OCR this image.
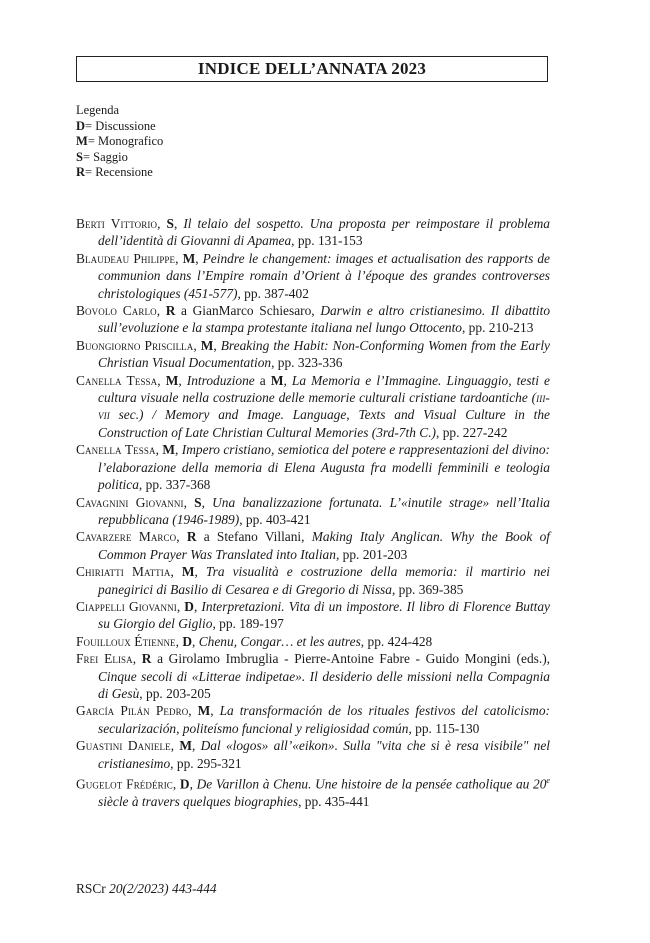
INDICE DELL’ANNATA 2023
Legenda
D= Discussione
M= Monografico
S= Saggio
R= Recensione

Berti Vittorio, S, Il telaio del sospetto. Una proposta per reimpostare il problema dell’identità di Giovanni di Apamea, pp. 131-153

Blaudeau Philippe, M, Peindre le changement: images et actualisation des rapports de communion dans l’Empire romain d’Orient à l’époque des grandes controverses christologiques (451-577), pp. 387-402

Bovolo Carlo, R a GianMarco Schiesaro, Darwin e altro cristianesimo. Il dibattito sull’evoluzione e la stampa protestante italiana nel lungo Ottocento, pp. 210-213

Buongiorno Priscilla, M, Breaking the Habit: Non-Conforming Women from the Early Christian Visual Documentation, pp. 323-336

Canella Tessa, M, Introduzione a M, La Memoria e l’Immagine. Linguaggio, testi e cultura visuale nella costruzione delle memorie culturali cristiane tardoantiche (iii-vii sec.) / Memory and Image. Language, Texts and Visual Culture in the Construction of Late Christian Cultural Memories (3rd-7th C.), pp. 227-242

Canella Tessa, M, Impero cristiano, semiotica del potere e rappresentazioni del divino: l’elaborazione della memoria di Elena Augusta fra modelli femminili e teologia politica, pp. 337-368

Cavagnini Giovanni, S, Una banalizzazione fortunata. L’«inutile strage» nell’Italia repubblicana (1946-1989), pp. 403-421

Cavarzere Marco, R a Stefano Villani, Making Italy Anglican. Why the Book of Common Prayer Was Translated into Italian, pp. 201-203

Chiriatti Mattia, M, Tra visualità e costruzione della memoria: il martirio nei panegirici di Basilio di Cesarea e di Gregorio di Nissa, pp. 369-385

Ciappelli Giovanni, D, Interpretazioni. Vita di un impostore. Il libro di Florence Buttay su Giorgio del Giglio, pp. 189-197

Fouilloux Étienne, D, Chenu, Congar… et les autres, pp. 424-428

Frei Elisa, R a Girolamo Imbruglia - Pierre-Antoine Fabre - Guido Mongini (eds.), Cinque secoli di «Litterae indipetae». Il desiderio delle missioni nella Compagnia di Gesù, pp. 203-205

García Pilán Pedro, M, La transformación de los rituales festivos del catolicismo: secularización, politeísmo funcional y religiosidad común, pp. 115-130

Guastini Daniele, M, Dal «logos» all’«eikon». Sulla "vita che si è resa visibile" nel cristianesimo, pp. 295-321

Gugelot Frédéric, D, De Varillon à Chenu. Une histoire de la pensée catholique au 20e siècle à travers quelques biographies, pp. 435-441

RSCr 20(2/2023) 443-444
